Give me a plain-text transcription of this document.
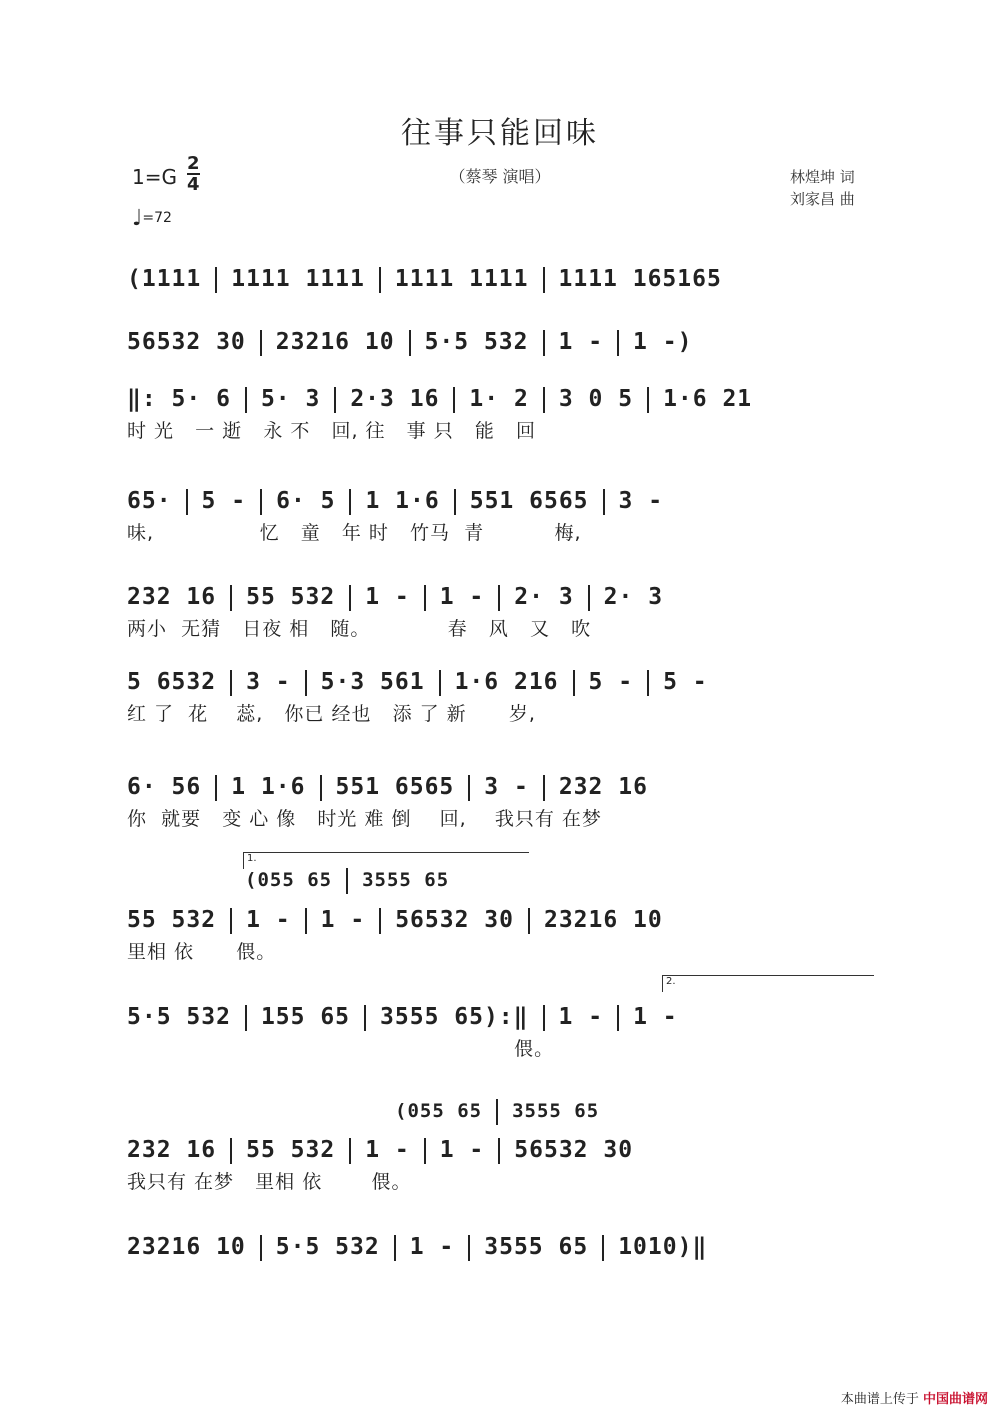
往事只能回味
（蔡琴 演唱）	林煌坤 词
刘家昌 曲
$1=G \frac{2}{4}$
♩=72
(1111 1111 1111 1111 1111 1111 165165
56532 30 23216 10 5·5 532 1 - 1 -)
‖: 5· 6 5· 3 2·3 16 1· 2 3 0 5 1·6 21
时 光   一 逝   永 不   回, 往   事 只   能   回
65· 5 - 6· 5 1 1·6 551 6565 3 -
味,               忆   童   年 时   竹马  青          梅,
232 16 55 532 1 - 1 - 2· 3 2· 3
两小  无猜   日夜 相   随。           春   风   又   吹
5 6532 3 - 5·3 561 1·6 216 5 - 5 -
红 了  花    蕊,   你已 经也   添 了 新      岁,
6· 56 1 1·6 551 6565 3 - 232 16
你  就要   变 心 像   时光 难 倒    回,    我只有 在梦
55 532 1 - 1 - 56532 30 23216 10
里相 依      偎。
5·5 532 155 65 3555 65):‖ 1 - 1 -
偎。
232 16 55 532 1 - 1 - 56532 30
我只有 在梦   里相 依       偎。
23216 10 5·5 532 1 - 3555 65 1010)‖
(055 65 3555 65
1.
2.
(055 65 3555 65
本曲谱上传于 中国曲谱网
